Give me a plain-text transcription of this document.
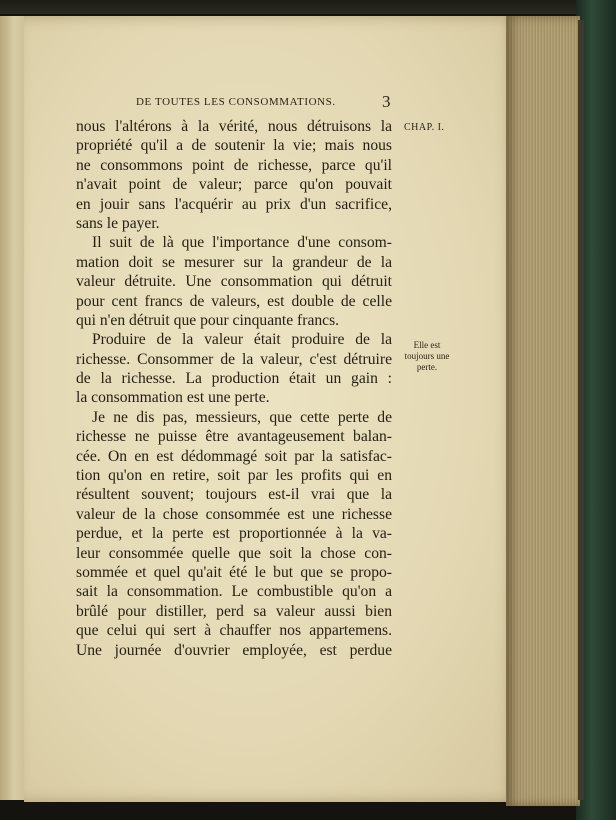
DE TOUTES LES CONSOMMATIONS.	3
CHAP. I.
Elle est
toujours une
perte.
nous l'altérons à la vérité, nous détruisons la
propriété qu'il a de soutenir la vie; mais nous
ne consommons point de richesse, parce qu'il
n'avait point de valeur; parce qu'on pouvait
en jouir sans l'acquérir au prix d'un sacrifice,
sans le payer.
Il suit de là que l'importance d'une consom-
mation doit se mesurer sur la grandeur de la
valeur détruite. Une consommation qui détruit
pour cent francs de valeurs, est double de celle
qui n'en détruit que pour cinquante francs.
Produire de la valeur était produire de la
richesse. Consommer de la valeur, c'est détruire
de la richesse. La production était un gain :
la consommation est une perte.
Je ne dis pas, messieurs, que cette perte de
richesse ne puisse être avantageusement balan-
cée. On en est dédommagé soit par la satisfac-
tion qu'on en retire, soit par les profits qui en
résultent souvent; toujours est-il vrai que la
valeur de la chose consommée est une richesse
perdue, et la perte est proportionnée à la va-
leur consommée quelle que soit la chose con-
sommée et quel qu'ait été le but que se propo-
sait la consommation. Le combustible qu'on a
brûlé pour distiller, perd sa valeur aussi bien
que celui qui sert à chauffer nos appartemens.
Une journée d'ouvrier employée, est perdue
